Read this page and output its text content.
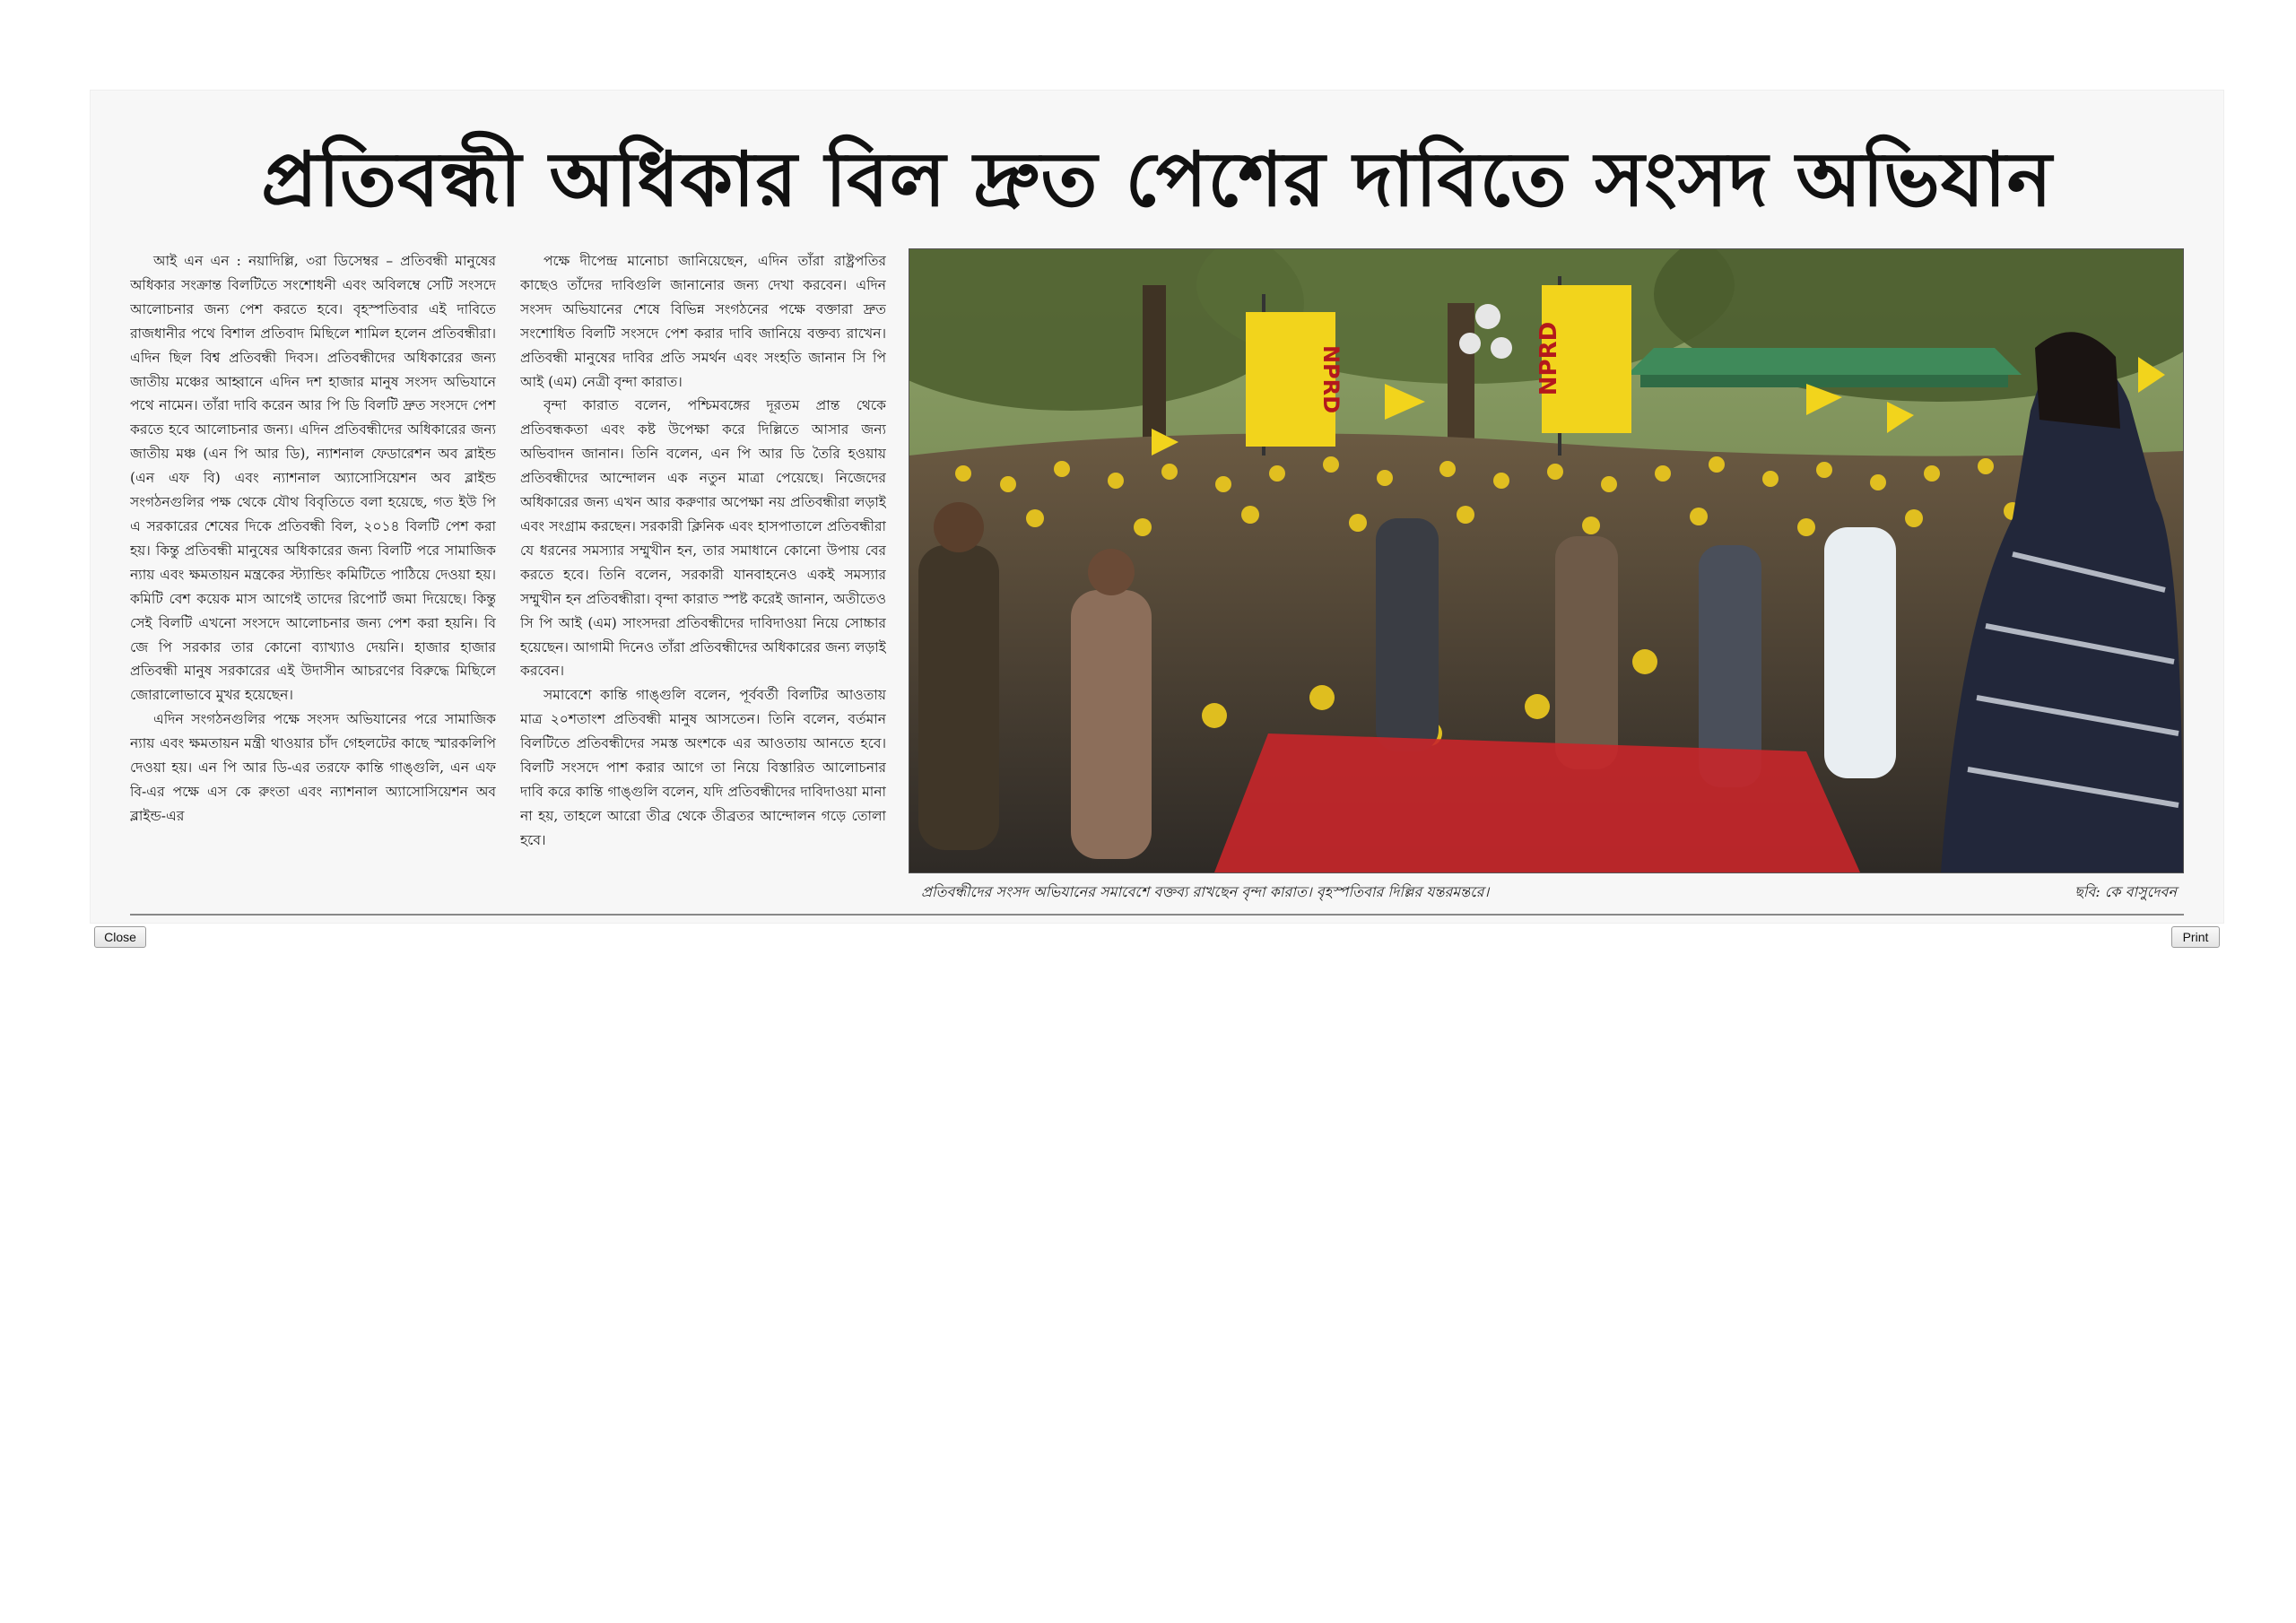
প্রতিবন্ধী অধিকার বিল দ্রুত পেশের দাবিতে সংসদ অভিযান

আই এন এন : নয়াদিল্লি, ৩রা ডিসেম্বর – প্রতিবন্ধী মানুষের অধিকার সংক্রান্ত বিলটিতে সংশোধনী এবং অবিলম্বে সেটি সংসদে আলোচনার জন্য পেশ করতে হবে। বৃহস্পতিবার এই দাবিতে রাজধানীর পথে বিশাল প্রতিবাদ মিছিলে শামিল হলেন প্রতিবন্ধীরা। এদিন ছিল বিশ্ব প্রতিবন্ধী দিবস। প্রতিবন্ধীদের অধিকারের জন্য জাতীয় মঞ্চের আহ্বানে এদিন দশ হাজার মানুষ সংসদ অভিযানে পথে নামেন। তাঁরা দাবি করেন আর পি ডি বিলটি দ্রুত সংসদে পেশ করতে হবে আলোচনার জন্য। এদিন প্রতিবন্ধীদের অধিকারের জন্য জাতীয় মঞ্চ (এন পি আর ডি), ন্যাশনাল ফেডারেশন অব ব্লাইন্ড (এন এফ বি) এবং ন্যাশনাল অ্যাসোসিয়েশন অব ব্লাইন্ড সংগঠনগুলির পক্ষ থেকে যৌথ বিবৃতিতে বলা হয়েছে, গত ইউ পি এ সরকারের শেষের দিকে প্রতিবন্ধী বিল, ২০১৪ বিলটি পেশ করা হয়। কিন্তু প্রতিবন্ধী মানুষের অধিকারের জন্য বিলটি পরে সামাজিক ন্যায় এবং ক্ষমতায়ন মন্ত্রকের স্ট্যান্ডিং কমিটিতে পাঠিয়ে দেওয়া হয়। কমিটি বেশ কয়েক মাস আগেই তাদের রিপোর্ট জমা দিয়েছে। কিন্তু সেই বিলটি এখনো সংসদে আলোচনার জন্য পেশ করা হয়নি। বি জে পি সরকার তার কোনো ব্যাখ্যাও দেয়নি। হাজার হাজার প্রতিবন্ধী মানুষ সরকারের এই উদাসীন আচরণের বিরুদ্ধে মিছিলে জোরালোভাবে মুখর হয়েছেন।

এদিন সংগঠনগুলির পক্ষে সংসদ অভিযানের পরে সামাজিক ন্যায় এবং ক্ষমতায়ন মন্ত্রী থাওয়ার চাঁদ গেহলটের কাছে স্মারকলিপি দেওয়া হয়। এন পি আর ডি-এর তরফে কান্তি গাঙ্গুলি, এন এফ বি-এর পক্ষে এস কে রুংতা এবং ন্যাশনাল অ্যাসোসিয়েশন অব ব্লাইন্ড-এর

পক্ষে দীপেন্দ্র মানোচা জানিয়েছেন, এদিন তাঁরা রাষ্ট্রপতির কাছেও তাঁদের দাবিগুলি জানানোর জন্য দেখা করবেন। এদিন সংসদ অভিযানের শেষে বিভিন্ন সংগঠনের পক্ষে বক্তারা দ্রুত সংশোধিত বিলটি সংসদে পেশ করার দাবি জানিয়ে বক্তব্য রাখেন। প্রতিবন্ধী মানুষের দাবির প্রতি সমর্থন এবং সংহতি জানান সি পি আই (এম) নেত্রী বৃন্দা কারাত।

বৃন্দা কারাত বলেন, পশ্চিমবঙ্গের দূরতম প্রান্ত থেকে প্রতিবন্ধকতা এবং কষ্ট উপেক্ষা করে দিল্লিতে আসার জন্য অভিবাদন জানান। তিনি বলেন, এন পি আর ডি তৈরি হওয়ায় প্রতিবন্ধীদের আন্দোলন এক নতুন মাত্রা পেয়েছে। নিজেদের অধিকারের জন্য এখন আর করুণার অপেক্ষা নয় প্রতিবন্ধীরা লড়াই এবং সংগ্রাম করছেন। সরকারী ক্লিনিক এবং হাসপাতালে প্রতিবন্ধীরা যে ধরনের সমস্যার সম্মুখীন হন, তার সমাধানে কোনো উপায় বের করতে হবে। তিনি বলেন, সরকারী যানবাহনেও একই সমস্যার সম্মুখীন হন প্রতিবন্ধীরা। বৃন্দা কারাত স্পষ্ট করেই জানান, অতীতেও সি পি আই (এম) সাংসদরা প্রতিবন্ধীদের দাবিদাওয়া নিয়ে সোচ্চার হয়েছেন। আগামী দিনেও তাঁরা প্রতিবন্ধীদের অধিকারের জন্য লড়াই করবেন।

সমাবেশে কান্তি গাঙ্গুলি বলেন, পূর্ববর্তী বিলটির আওতায় মাত্র ২০শতাংশ প্রতিবন্ধী মানুষ আসতেন। তিনি বলেন, বর্তমান বিলটিতে প্রতিবন্ধীদের সমস্ত অংশকে এর আওতায় আনতে হবে। বিলটি সংসদে পাশ করার আগে তা নিয়ে বিস্তারিত আলোচনার দাবি করে কান্তি গাঙ্গুলি বলেন, যদি প্রতিবন্ধীদের দাবিদাওয়া মানা না হয়, তাহলে আরো তীব্র থেকে তীব্রতর আন্দোলন গড়ে তোলা হবে।

NPRD	NPRD
প্রতিবন্ধীদের সংসদ অভিযানের সমাবেশে বক্তব্য রাখছেন বৃন্দা কারাত। বৃহস্পতিবার দিল্লির যন্তরমন্তরে।	ছবি: কে বাসুদেবন
Close	Print
